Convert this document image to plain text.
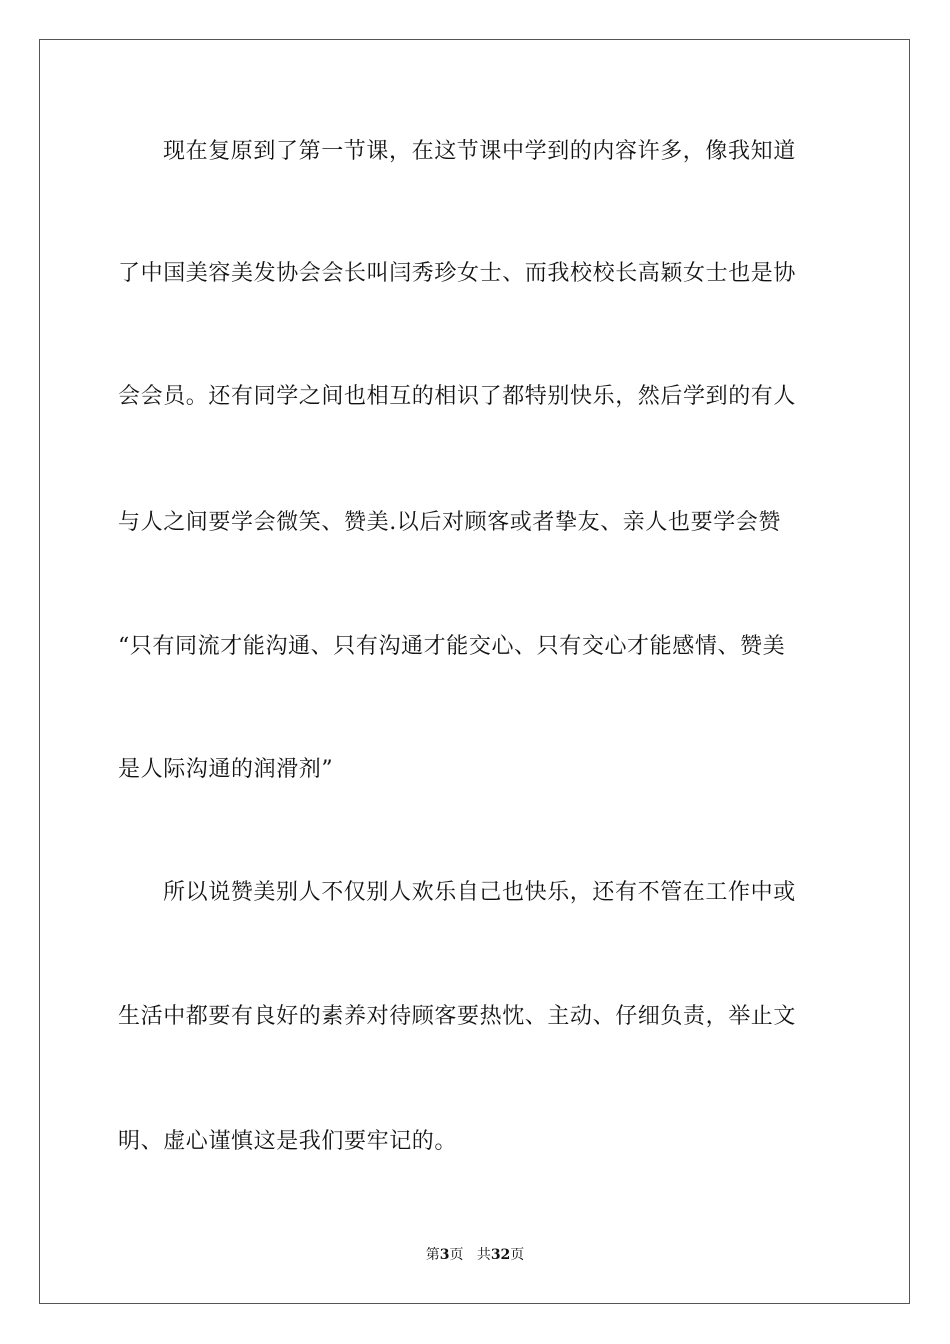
现在复原到了第一节课，在这节课中学到的内容许多，像我知道
了中国美容美发协会会长叫闫秀珍女士、而我校校长高颖女士也是协
会会员。还有同学之间也相互的相识了都特别快乐，然后学到的有人
与人之间要学会微笑、赞美.以后对顾客或者挚友、亲人也要学会赞
“只有同流才能沟通、只有沟通才能交心、只有交心才能感情、赞美
是人际沟通的润滑剂”
所以说赞美别人不仅别人欢乐自己也快乐，还有不管在工作中或
生活中都要有良好的素养对待顾客要热忱、主动、仔细负责，举止文
明、虚心谨慎这是我们要牢记的。
第3页 共32页
